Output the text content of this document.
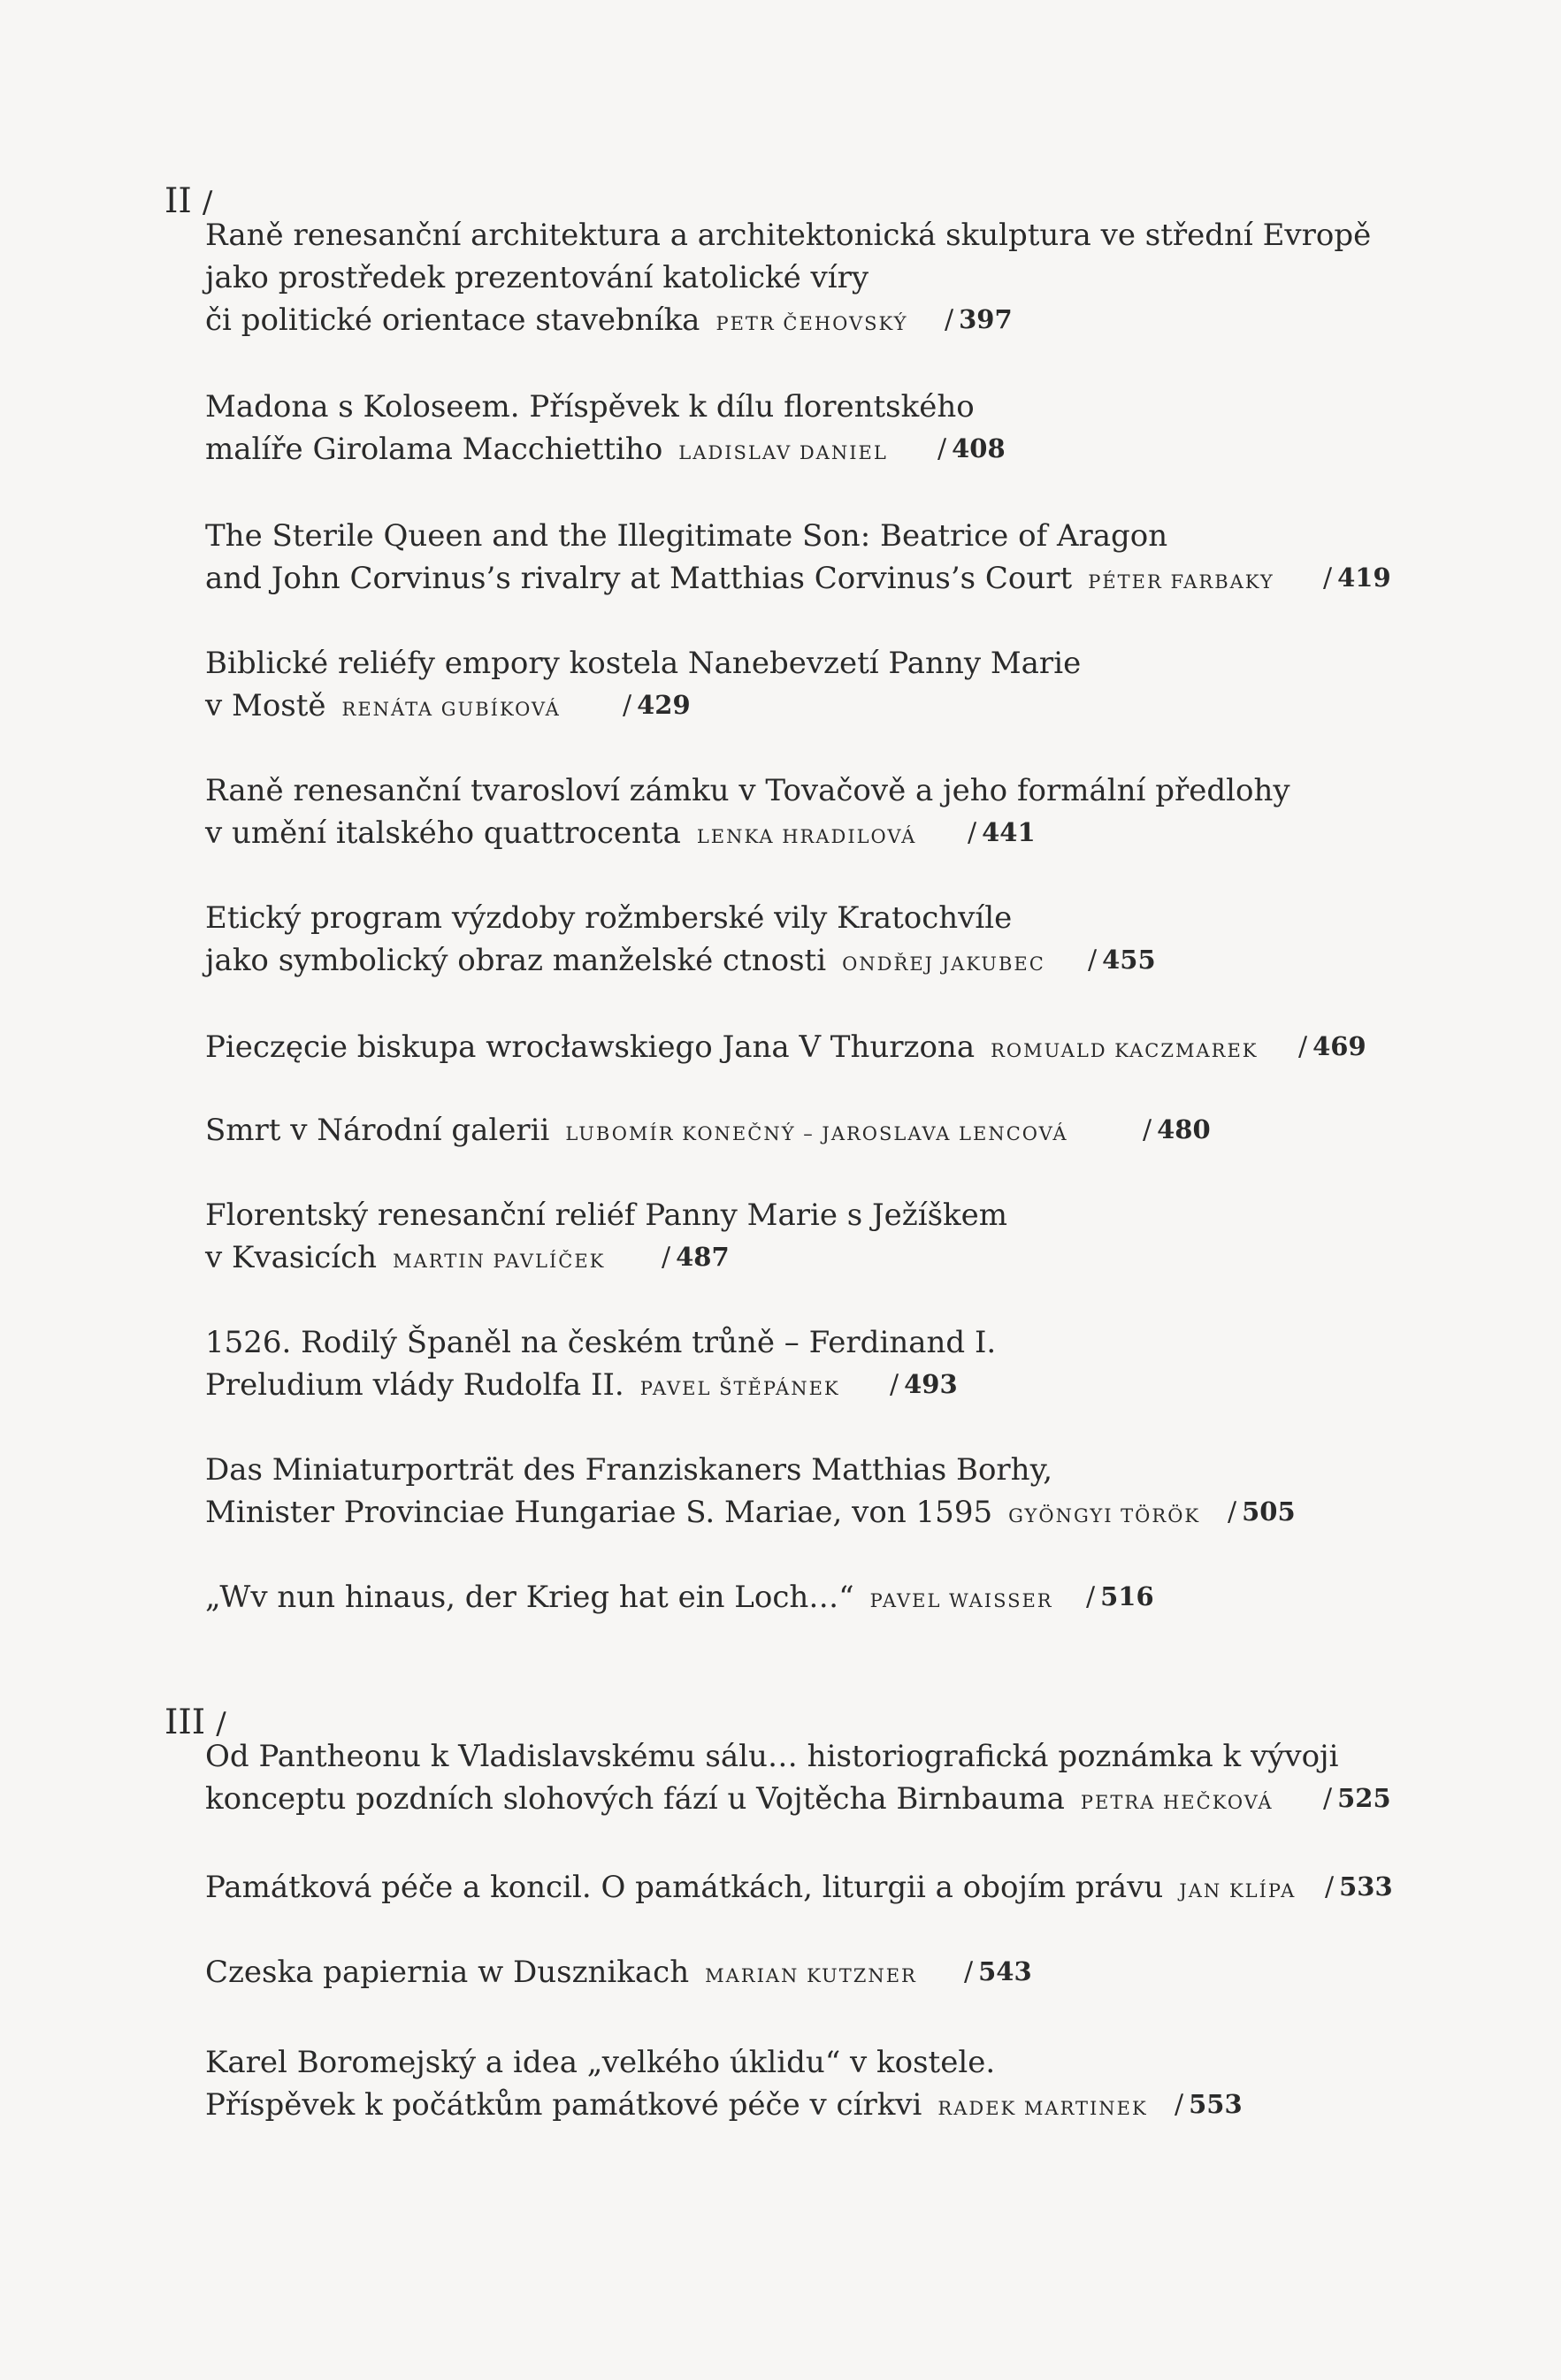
II /
Raně renesanční architektura a architektonická skulptura ve střední Evropě
jako prostředek prezentování katolické víry
či politické orientace stavebníka PETR ČEHOVSKÝ	/ 397
Madona s Koloseem. Příspěvek k dílu florentského
malíře Girolama Macchiettiho LADISLAV DANIEL	/ 408
The Sterile Queen and the Illegitimate Son: Beatrice of Aragon
and John Corvinus’s rivalry at Matthias Corvinus’s Court PÉTER FARBAKY / 419
Biblické reliéfy empory kostela Nanebevzetí Panny Marie
v Mostě RENÁTA GUBÍKOVÁ	/ 429
Raně renesanční tvarosloví zámku v Tovačově a jeho formální předlohy
v umění italského quattrocenta LENKA HRADILOVÁ	/ 441
Etický program výzdoby rožmberské vily Kratochvíle
jako symbolický obraz manželské ctnosti ONDŘEJ JAKUBEC / 455
Pieczęcie biskupa wrocławskiego Jana V Thurzona ROMUALD KACZMAREK / 469
Smrt v Národní galerii LUBOMÍR KONEČNÝ – JAROSLAVA LENCOVÁ	/ 480
Florentský renesanční reliéf Panny Marie s Ježíškem
v Kvasicích MARTIN PAVLÍČEK	/ 487
1526. Rodilý Španěl na českém trůně – Ferdinand I.
Preludium vlády Rudolfa II. PAVEL ŠTĚPÁNEK	/ 493
Das Miniaturporträt des Franziskaners Matthias Borhy,
Minister Provinciae Hungariae S. Mariae, von 1595 GYÖNGYI TÖRÖK / 505
„Wv nun hinaus, der Krieg hat ein Loch…“ PAVEL WAISSER / 516
III /
Od Pantheonu k Vladislavskému sálu… historiografická poznámka k vývoji
konceptu pozdních slohových fází u Vojtěcha Birnbauma PETRA HEČKOVÁ	/ 525
Památková péče a koncil. O památkách, liturgii a obojím právu JAN KLÍPA / 533
Czeska papiernia w Dusznikach MARIAN KUTZNER / 543
Karel Boromejský a idea „velkého úklidu“ v kostele.
Příspěvek k počátkům památkové péče v církvi RADEK MARTINEK / 553
